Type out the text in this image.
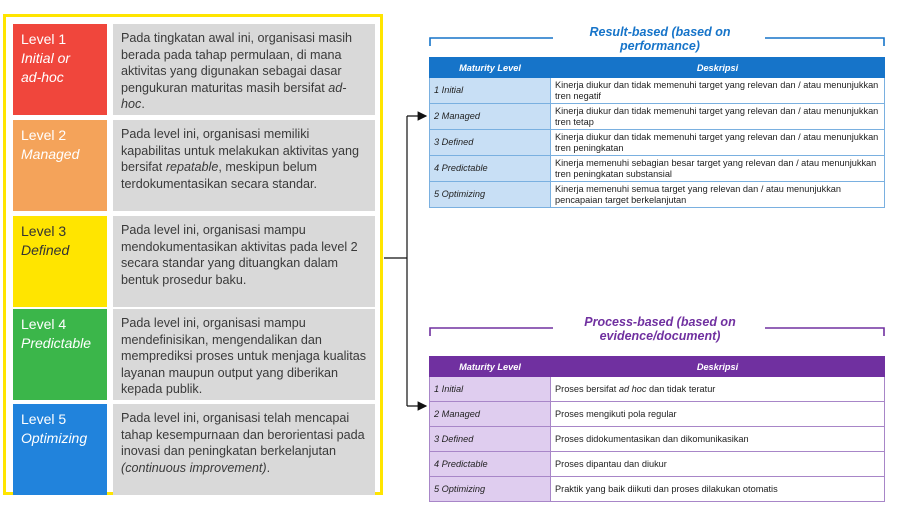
Level 1
Initial or
ad-hoc
Pada tingkatan awal ini, organisasi masih berada pada tahap permulaan, di mana aktivitas yang digunakan sebagai dasar pengukuran maturitas masih bersifat ad-hoc.
Level 2
Managed
Pada level ini, organisasi memiliki kapabilitas untuk melakukan aktivitas yang bersifat repatable, meskipun belum terdokumentasikan secara standar.
Level 3
Defined
Pada level ini, organisasi mampu mendokumentasikan aktivitas pada level 2 secara standar yang dituangkan dalam bentuk prosedur baku.
Level 4
Predictable
Pada level ini, organisasi mampu mendefinisikan, mengendalikan dan memprediksi proses untuk menjaga kualitas layanan maupun output yang diberikan kepada publik.
Level 5
Optimizing
Pada level ini, organisasi telah mencapai tahap kesempurnaan dan berorientasi pada inovasi dan peningkatan berkelanjutan (continuous improvement).
Result-based (based on
performance)
Maturity Level	Deskripsi
1 Initial	Kinerja diukur dan tidak memenuhi target yang relevan dan / atau menunjukkan tren negatif
2 Managed	Kinerja diukur dan tidak memenuhi target yang relevan dan / atau menunjukkan tren tetap
3 Defined	Kinerja diukur dan tidak memenuhi target yang relevan dan / atau menunjukkan tren peningkatan
4 Predictable	Kinerja memenuhi sebagian besar target yang relevan dan / atau menunjukkan tren peningkatan substansial
5 Optimizing	Kinerja memenuhi semua target yang relevan dan / atau menunjukkan pencapaian target berkelanjutan
Process-based (based on
evidence/document)
Maturity Level	Deskripsi
1 Initial	Proses bersifat ad hoc dan tidak teratur
2 Managed	Proses mengikuti pola regular
3 Defined	Proses didokumentasikan dan dikomunikasikan
4 Predictable	Proses dipantau dan diukur
5 Optimizing	Praktik yang baik diikuti dan proses dilakukan otomatis
